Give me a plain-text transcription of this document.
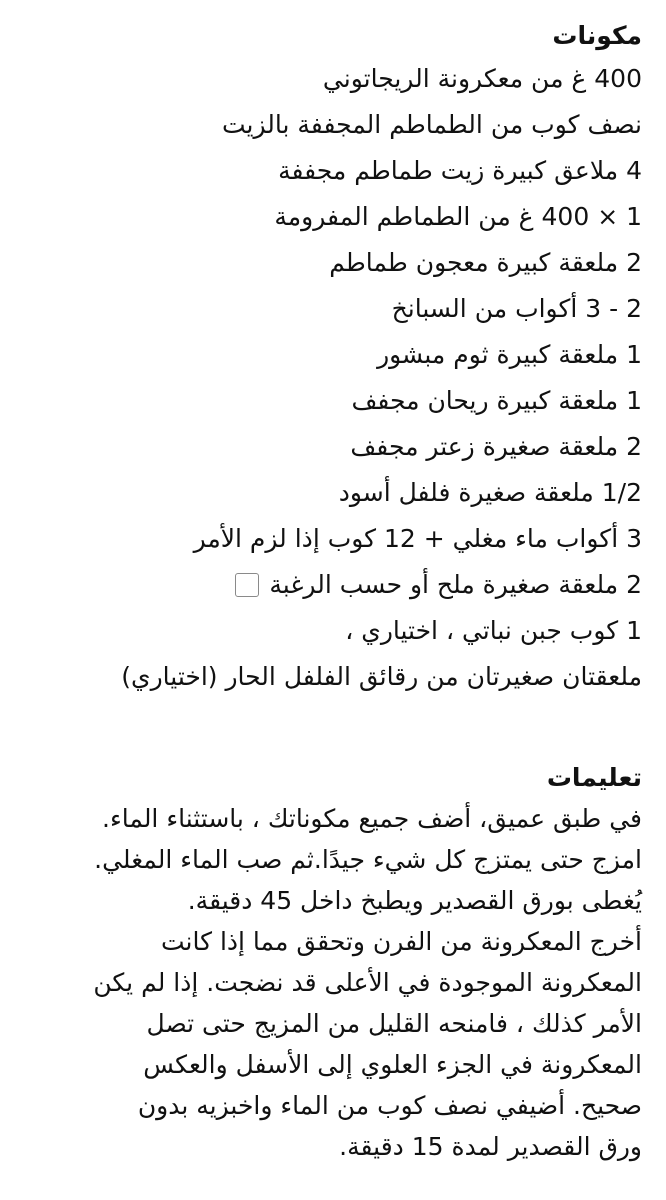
مكونات
400 غ من معكرونة الريجاتوني
نصف كوب من الطماطم المجففة بالزيت
4 ملاعق كبيرة زيت طماطم مجففة
1 × 400 غ من الطماطم المفرومة
2 ملعقة كبيرة معجون طماطم
2 - 3 أكواب من السبانخ
1 ملعقة كبيرة ثوم مبشور
1 ملعقة كبيرة ريحان مجفف
2 ملعقة صغيرة زعتر مجفف
1/2 ملعقة صغيرة فلفل أسود
3 أكواب ماء مغلي + 12 كوب إذا لزم الأمر
2 ملعقة صغيرة ملح أو حسب الرغبة
1 كوب جبن نباتي ، اختياري ،
ملعقتان صغيرتان من رقائق الفلفل الحار (اختياري)
تعليمات

في طبق عميق، أضف جميع مكوناتك ، باستثناء الماء.

امزج حتى يمتزج كل شيء جيدًا.ثم صب الماء المغلي.

يُغطى بورق القصدير ويطبخ داخل 45 دقيقة.

أخرج المعكرونة من الفرن وتحقق مما إذا كانت

المعكرونة الموجودة في الأعلى قد نضجت. إذا لم يكن

الأمر كذلك ، فامنحه القليل من المزيج حتى تصل

المعكرونة في الجزء العلوي إلى الأسفل والعكس

صحيح. أضيفي نصف كوب من الماء واخبزيه بدون

ورق القصدير لمدة 15 دقيقة.
